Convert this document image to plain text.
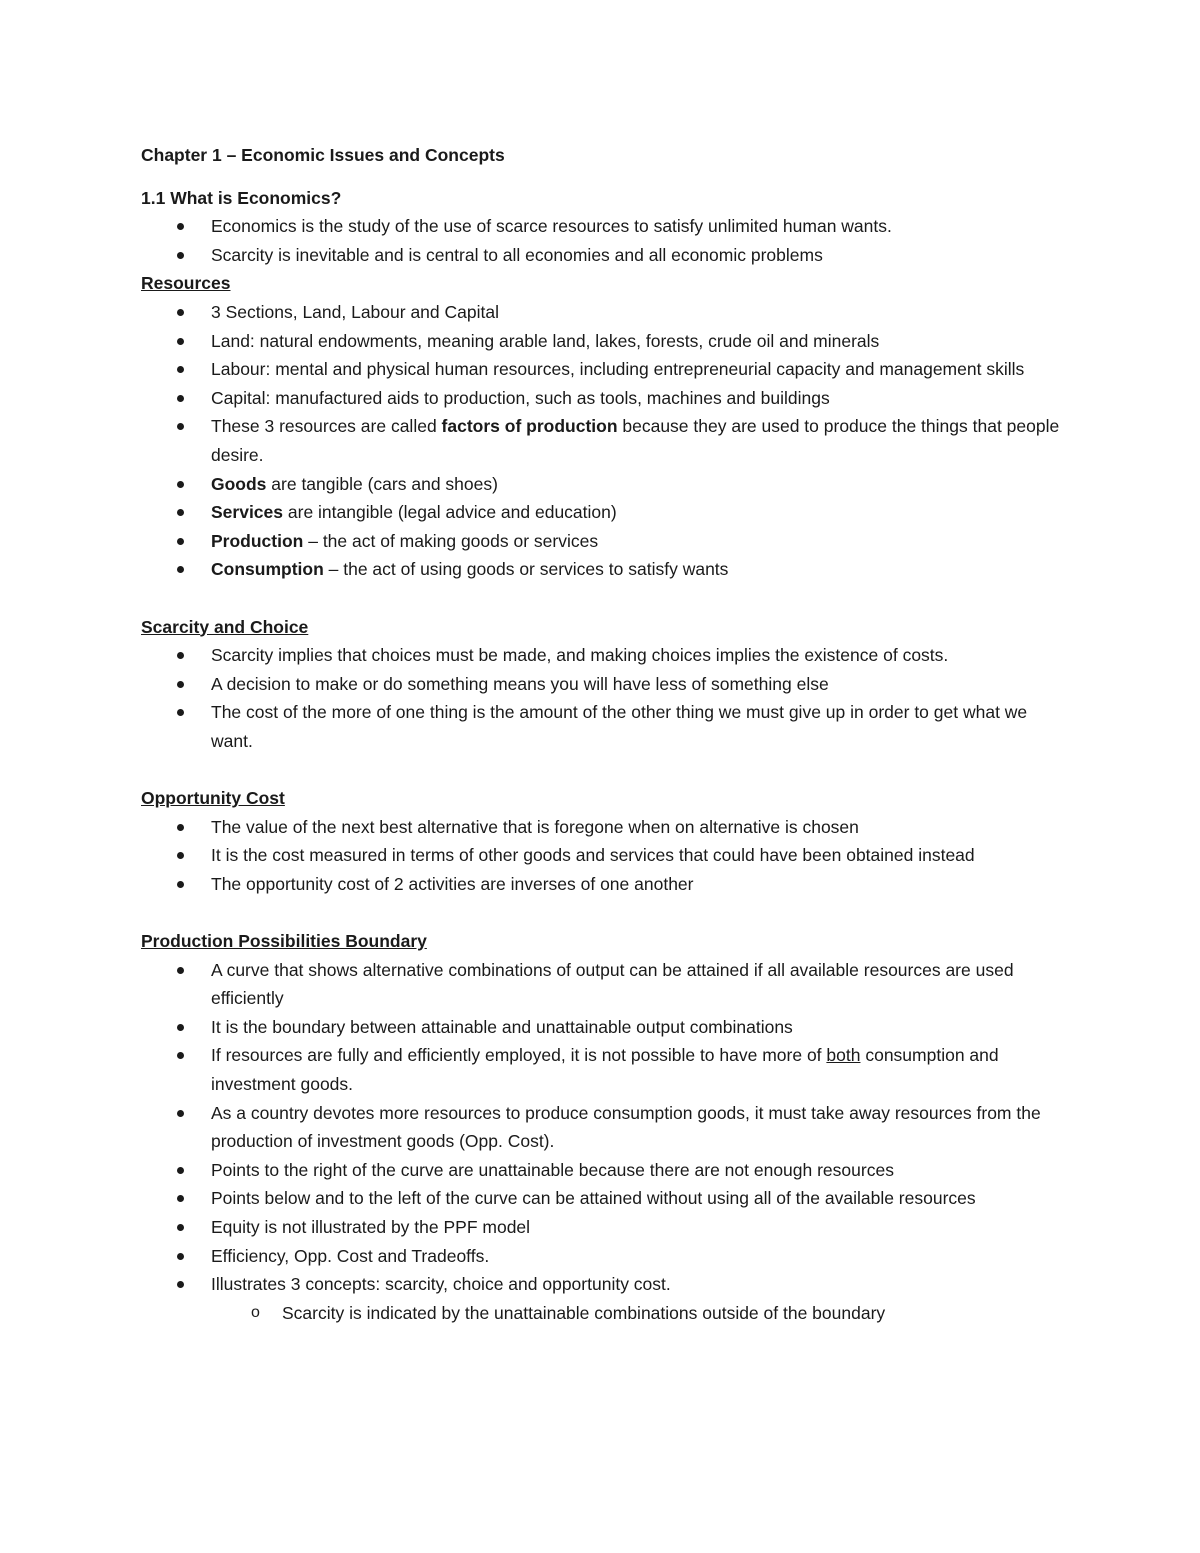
Chapter 1 – Economic Issues and Concepts
1.1 What is Economics?
Economics is the study of the use of scarce resources to satisfy unlimited human wants.
Scarcity is inevitable and is central to all economies and all economic problems
Resources
3 Sections, Land, Labour and Capital
Land: natural endowments, meaning arable land, lakes, forests, crude oil and minerals
Labour: mental and physical human resources, including entrepreneurial capacity and management skills
Capital: manufactured aids to production, such as tools, machines and buildings
These 3 resources are called factors of production because they are used to produce the things that people desire.
Goods are tangible (cars and shoes)
Services are intangible (legal advice and education)
Production – the act of making goods or services
Consumption – the act of using goods or services to satisfy wants
Scarcity and Choice
Scarcity implies that choices must be made, and making choices implies the existence of costs.
A decision to make or do something means you will have less of something else
The cost of the more of one thing is the amount of the other thing we must give up in order to get what we want.
Opportunity Cost
The value of the next best alternative that is foregone when on alternative is chosen
It is the cost measured in terms of other goods and services that could have been obtained instead
The opportunity cost of 2 activities are inverses of one another
Production Possibilities Boundary
A curve that shows alternative combinations of output can be attained if all available resources are used efficiently
It is the boundary between attainable and unattainable output combinations
If resources are fully and efficiently employed, it is not possible to have more of both consumption and investment goods.
As a country devotes more resources to produce consumption goods, it must take away resources from the production of investment goods (Opp. Cost).
Points to the right of the curve are unattainable because there are not enough resources
Points below and to the left of the curve can be attained without using all of the available resources
Equity is not illustrated by the PPF model
Efficiency, Opp. Cost and Tradeoffs.
Illustrates 3 concepts: scarcity, choice and opportunity cost.
o Scarcity is indicated by the unattainable combinations outside of the boundary
